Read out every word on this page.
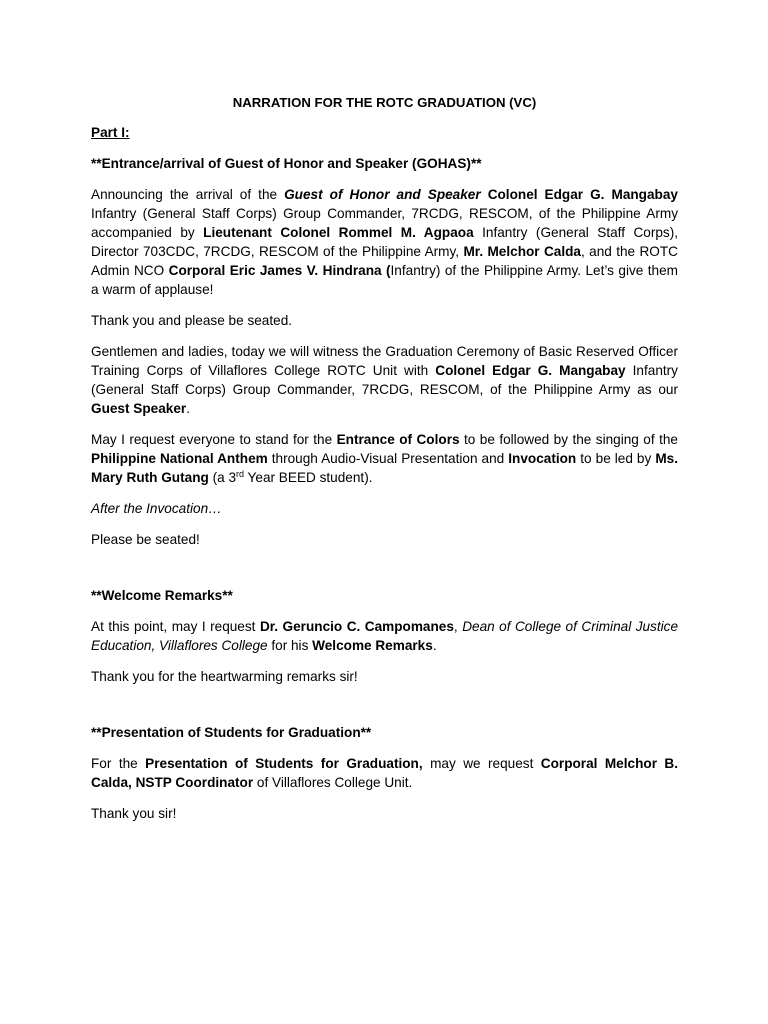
NARRATION FOR THE ROTC GRADUATION (VC)
Part I:
**Entrance/arrival of Guest of Honor and Speaker (GOHAS)**

Announcing the arrival of the Guest of Honor and Speaker Colonel Edgar G. Mangabay Infantry (General Staff Corps) Group Commander, 7RCDG, RESCOM, of the Philippine Army accompanied by Lieutenant Colonel Rommel M. Agpaoa Infantry (General Staff Corps), Director 703CDC, 7RCDG, RESCOM of the Philippine Army, Mr. Melchor Calda, and the ROTC Admin NCO Corporal Eric James V. Hindrana (Infantry) of the Philippine Army. Let’s give them a warm of applause!

Thank you and please be seated.

Gentlemen and ladies, today we will witness the Graduation Ceremony of Basic Reserved Officer Training Corps of Villaflores College ROTC Unit with Colonel Edgar G. Mangabay Infantry (General Staff Corps) Group Commander, 7RCDG, RESCOM, of the Philippine Army as our Guest Speaker.

May I request everyone to stand for the Entrance of Colors to be followed by the singing of the Philippine National Anthem through Audio-Visual Presentation and Invocation to be led by Ms. Mary Ruth Gutang (a 3rd Year BEED student).

After the Invocation…

Please be seated!

**Welcome Remarks**

At this point, may I request Dr. Geruncio C. Campomanes, Dean of College of Criminal Justice Education, Villaflores College for his Welcome Remarks.

Thank you for the heartwarming remarks sir!

**Presentation of Students for Graduation**

For the Presentation of Students for Graduation, may we request Corporal Melchor B. Calda, NSTP Coordinator of Villaflores College Unit.

Thank you sir!
